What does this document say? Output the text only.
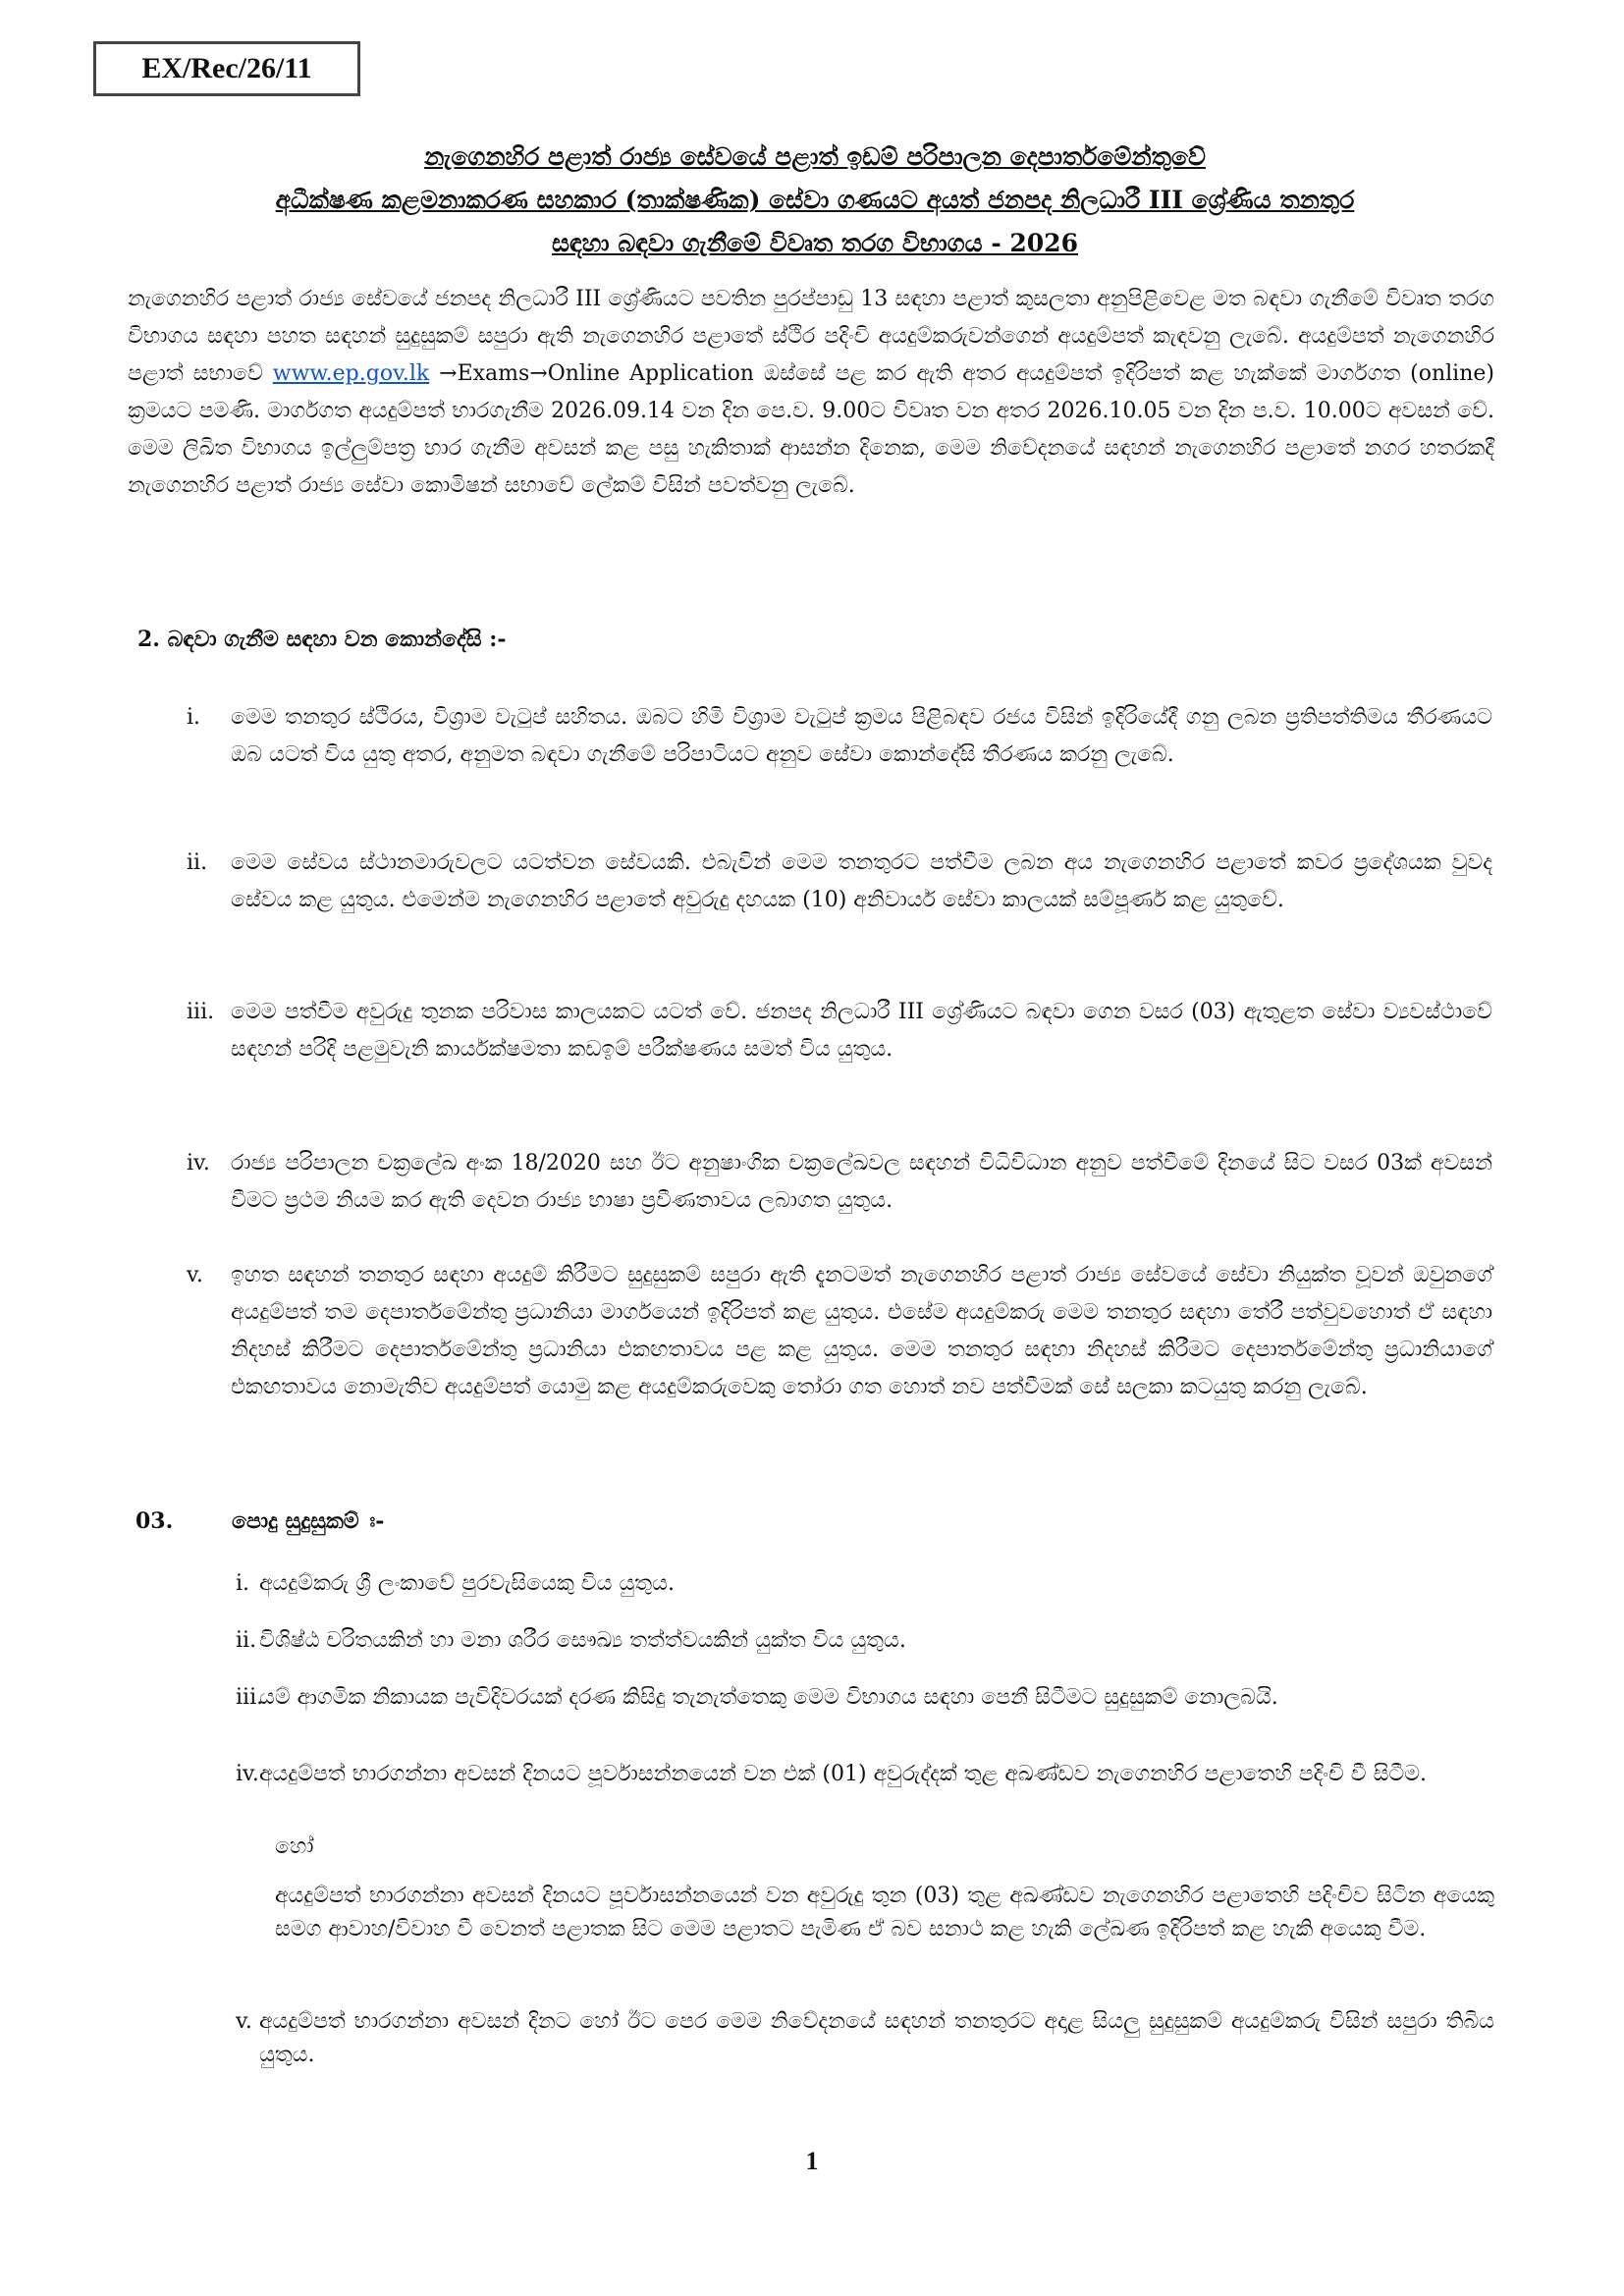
EX/Rec/26/11
නැගෙනහිර පළාත් රාජ්‍ය සේවයේ පළාත් ඉඩම් පරිපාලන දෙපාර්තමේන්තුවේ
අධීක්ෂණ කළමනාකරණ සහකාර (තාක්ෂණික) සේවා ගණයට අයත් ජනපද නිලධාරී III ශ්‍රේණිය තනතුර
සඳහා බඳවා ගැනීමේ විවෘත තරග විභාගය - 2026
නැගෙනහිර පළාත් රාජ්‍ය සේවයේ ජනපද නිලධාරී III ශ්‍රේණියට පවතින පුරප්පාඩු 13 සඳහා පළාත් කුසලතා අනුපිළිවෙළ මත බඳවා ගැනීමේ විවෘත තරග විභාගය සඳහා පහත සඳහන් සුදුසුකම් සපුරා ඇති නැගෙනහිර පළාතේ ස්ථිර පදිංචි අයදුම්කරුවන්ගෙන් අයදුම්පත් කැඳවනු ලැබේ. අයදුම්පත් නැගෙනහිර පළාත් සභාවේ www.ep.gov.lk →Exams→Online Application ඔස්සේ පළ කර ඇති අතර අයදුම්පත් ඉදිරිපත් කළ හැක්කේ මාර්ගගත (online) ක්‍රමයට පමණි. මාර්ගගත අයදුම්පත් භාරගැනීම 2026.09.14 වන දින පෙ.ව. 9.00ට විවෘත වන අතර 2026.10.05 වන දින ප.ව. 10.00ට අවසන් වේ. මෙම ලිඛිත විභාගය ඉල්ලුම්පත්‍ර භාර ගැනීම අවසන් කළ පසු හැකිතාක් ආසන්න දිනෙක, මෙම නිවේදනයේ සඳහන් නැගෙනහිර පළාතේ නගර හතරකදී නැගෙනහිර පළාත් රාජ්‍ය සේවා කොමිෂන් සභාවේ ලේකම් විසින් පවත්වනු ලැබේ.
2. බඳවා ගැනීම සඳහා වන කොන්දේසි :-
i.	මෙම තනතුර ස්ථිරය, විශ්‍රාම වැටුප් සහිතය. ඔබට හිමි විශ්‍රාම වැටුප් ක්‍රමය පිළිබඳව රජය විසින් ඉදිරියේදී ගනු ලබන ප්‍රතිපත්තිමය තීරණයට ඔබ යටත් විය යුතු අතර, අනුමත බඳවා ගැනීමේ පරිපාටියට අනුව සේවා කොන්දේසි තීරණය කරනු ලැබේ.
ii.	මෙම සේවය ස්ථානමාරුවලට යටත්වන සේවයකි. එබැවින් මෙම තනතුරට පත්වීම ලබන අය නැගෙනහිර පළාතේ කවර ප්‍රදේශයක වුවද සේවය කළ යුතුය. එමෙන්ම නැගෙනහිර පළාතේ අවුරුදු දහයක (10) අනිවාර්ය සේවා කාලයක් සම්පූර්ණ කළ යුතුවේ.
iii. මෙම පත්වීම අවුරුදු තුනක පරිවාස කාලයකට යටත් වේ. ජනපද නිලධාරී III ශ්‍රේණියට බඳවා ගෙන වසර (03) ඇතුළත සේවා ව්‍යවස්ථාවේ සඳහන් පරිදි පළමුවැනි කාර්යක්ෂමතා කඩඉම් පරීක්ෂණය සමත් විය යුතුය.
iv. රාජ්‍ය පරිපාලන චක්‍රලේඛ අංක 18/2020 සහ ඊට අනුෂාංගික චක්‍රලේඛවල සඳහන් විධිවිධාන අනුව පත්වීමේ දිනයේ සිට වසර 03ක් අවසන් වීමට ප්‍රථම නියම කර ඇති දෙවන රාජ්‍ය භාෂා ප්‍රවීණතාවය ලබාගත යුතුය.
v.	ඉහත සඳහන් තනතුර සඳහා අයදුම් කිරීමට සුදුසුකම් සපුරා ඇති දැනටමත් නැගෙනහිර පළාත් රාජ්‍ය සේවයේ සේවා නියුක්ත වූවන් ඔවුනගේ අයදුම්පත් තම දෙපාර්තමේන්තු ප්‍රධානියා මාර්ගයෙන් ඉදිරිපත් කළ යුතුය. එසේම අයදුම්කරු මෙම තනතුර සඳහා තේරී පත්වුවහොත් ඒ සඳහා නිදහස් කිරීමට දෙපාර්තමේන්තු ප්‍රධානියා එකඟතාවය පළ කළ යුතුය. මෙම තනතුර සඳහා නිදහස් කිරීමට දෙපාර්තමේන්තු ප්‍රධානියාගේ එකඟතාවය නොමැතිව අයදුම්පත් යොමු කළ අයදුම්කරුවෙකු තෝරා ගත හොත් නව පත්වීමක් සේ සලකා කටයුතු කරනු ලැබේ.
03.	පොදු සුදුසුකම් ඃ-
i. අයදුම්කරු ශ්‍රී ලංකාවේ පුරවැසියෙකු විය යුතුය.
ii. විශිෂ්ඨ චරිතයකින් හා මනා ශරීර සෞඛ්‍ය තත්ත්වයකින් යුක්ත විය යුතුය.
iii.
යම් ආගමික නිකායක පැවිදිවරයක් දරණ කිසිදු තැනැත්තෙකු මෙම විභාගය සඳහා පෙනී සිටීමට සුදුසුකම් නොලබයි.
iv. අයදුම්පත් භාරගන්නා අවසන් දිනයට පූර්වාසන්නයෙන් වන එක් (01) අවුරුද්දක් තුළ අඛණ්ඩව නැගෙනහිර පළාතෙහි පදිංචි වී සිටීම.
හෝ
අයදුම්පත් භාරගන්නා අවසන් දිනයට පූර්වාසන්නයෙන් වන අවුරුදු තුන (03) තුළ අඛණ්ඩව නැගෙනහිර පළාතෙහි පදිංචිව සිටින අයෙකු සමග ආවාහ/විවාහ වී වෙනත් පළාතක සිට මෙම පළාතට පැමිණ ඒ බව සනාථ කළ හැකි ලේඛණ ඉදිරිපත් කළ හැකි අයෙකු වීම.
v. අයදුම්පත් භාරගන්නා අවසන් දිනට හෝ ඊට පෙර මෙම නිවේදනයේ සඳහන් තනතුරට අදාළ සියලු සුදුසුකම් අයදුම්කරු විසින් සපුරා තිබිය යුතුය.
1
